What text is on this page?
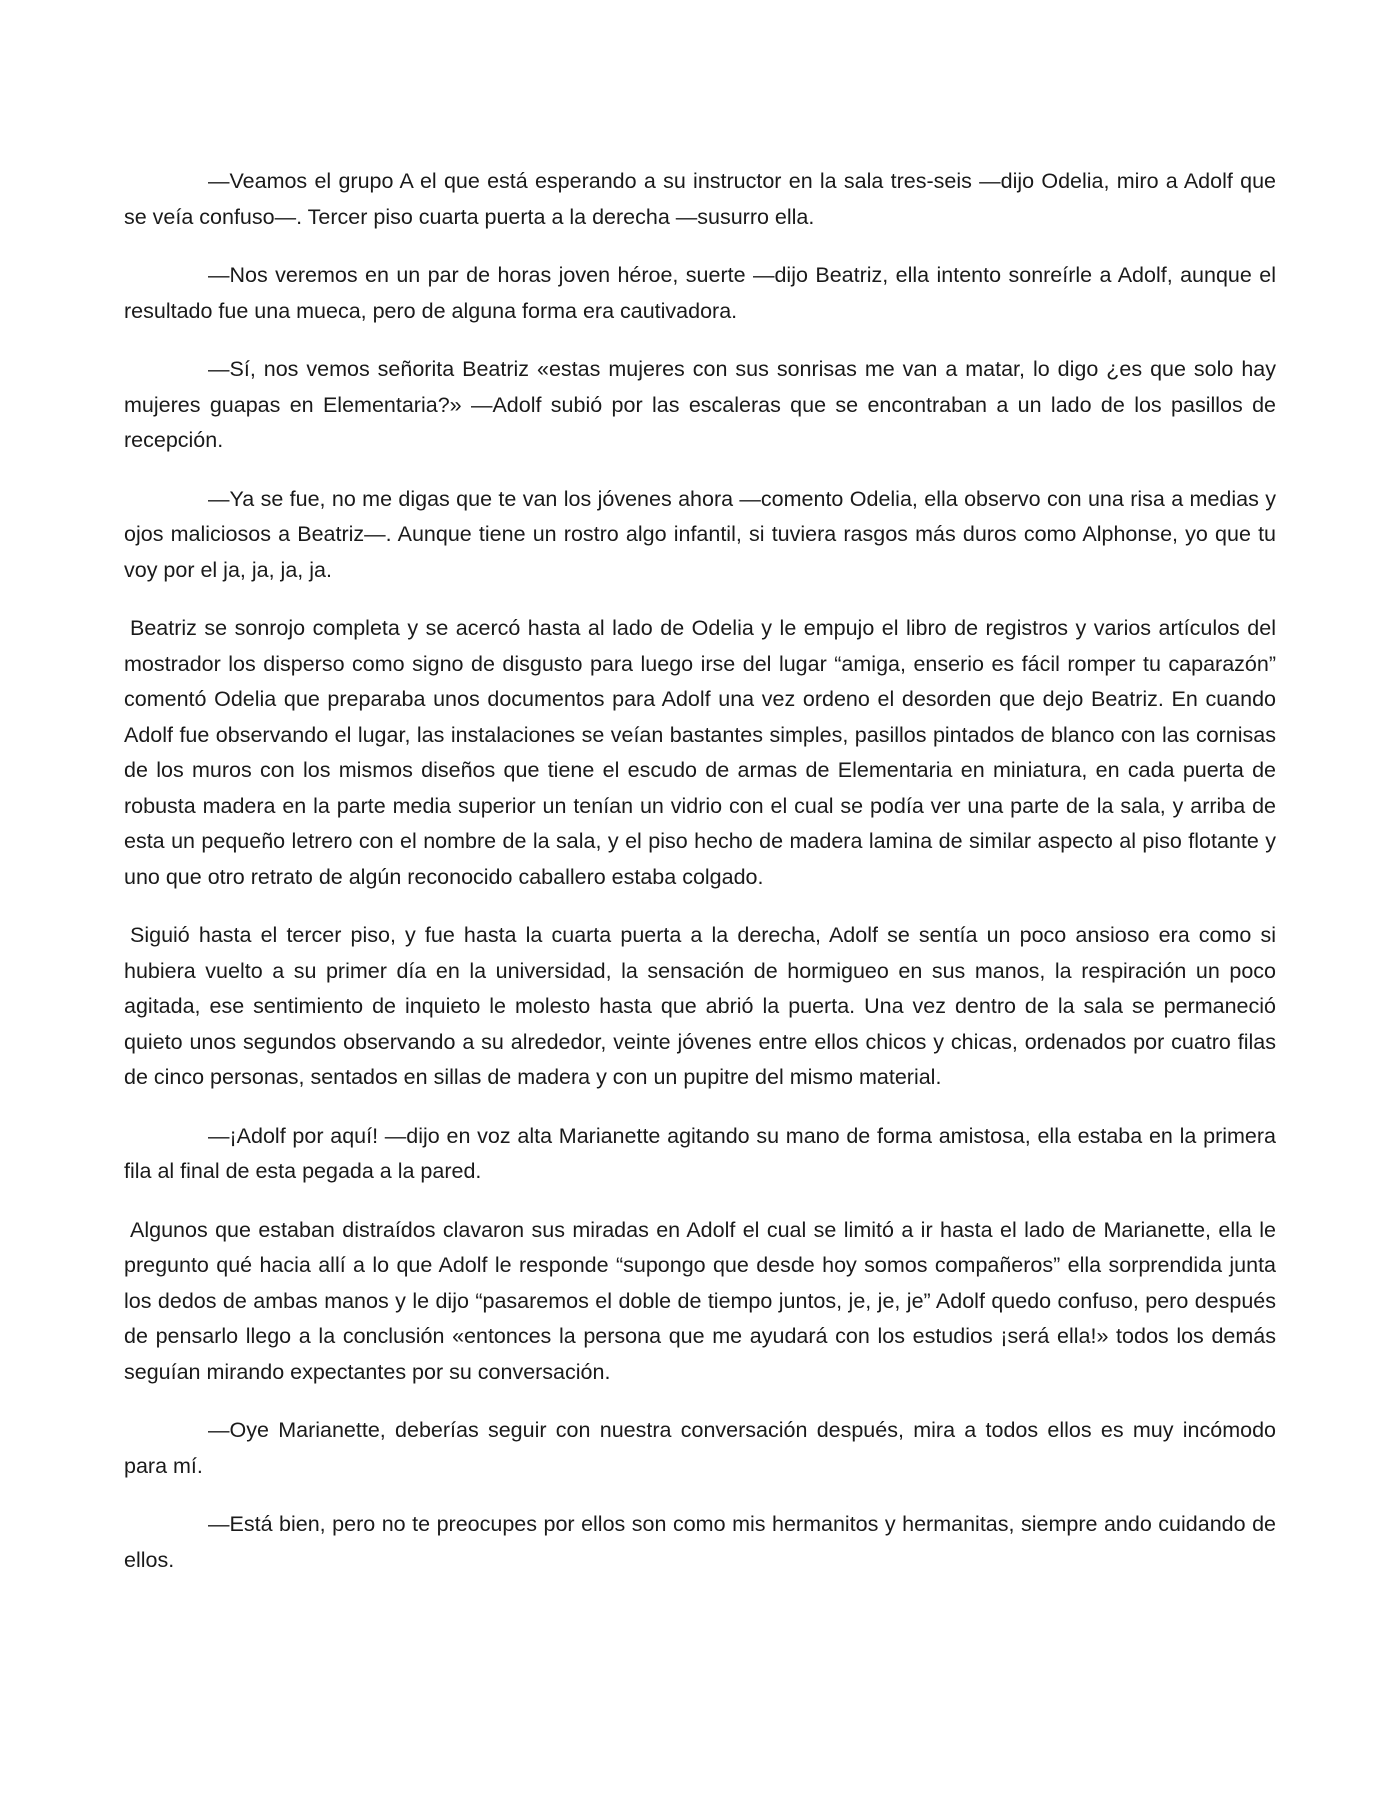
—Veamos el grupo A el que está esperando a su instructor en la sala tres-seis —dijo Odelia, miro a Adolf que se veía confuso—. Tercer piso cuarta puerta a la derecha —susurro ella.

—Nos veremos en un par de horas joven héroe, suerte —dijo Beatriz, ella intento sonreírle a Adolf, aunque el resultado fue una mueca, pero de alguna forma era cautivadora.

—Sí, nos vemos señorita Beatriz «estas mujeres con sus sonrisas me van a matar, lo digo ¿es que solo hay mujeres guapas en Elementaria?» —Adolf subió por las escaleras que se encontraban a un lado de los pasillos de recepción.

—Ya se fue, no me digas que te van los jóvenes ahora —comento Odelia, ella observo con una risa a medias y ojos maliciosos a Beatriz—. Aunque tiene un rostro algo infantil, si tuviera rasgos más duros como Alphonse, yo que tu voy por el ja, ja, ja, ja.

Beatriz se sonrojo completa y se acercó hasta al lado de Odelia y le empujo el libro de registros y varios artículos del mostrador los disperso como signo de disgusto para luego irse del lugar “amiga, enserio es fácil romper tu caparazón” comentó Odelia que preparaba unos documentos para Adolf una vez ordeno el desorden que dejo Beatriz. En cuando Adolf fue observando el lugar, las instalaciones se veían bastantes simples, pasillos pintados de blanco con las cornisas de los muros con los mismos diseños que tiene el escudo de armas de Elementaria en miniatura, en cada puerta de robusta madera en la parte media superior un tenían un vidrio con el cual se podía ver una parte de la sala, y arriba de esta un pequeño letrero con el nombre de la sala, y el piso hecho de madera lamina de similar aspecto al piso flotante y uno que otro retrato de algún reconocido caballero estaba colgado.

Siguió hasta el tercer piso, y fue hasta la cuarta puerta a la derecha, Adolf se sentía un poco ansioso era como si hubiera vuelto a su primer día en la universidad, la sensación de hormigueo en sus manos, la respiración un poco agitada, ese sentimiento de inquieto le molesto hasta que abrió la puerta. Una vez dentro de la sala se permaneció quieto unos segundos observando a su alrededor, veinte jóvenes entre ellos chicos y chicas, ordenados por cuatro filas de cinco personas, sentados en sillas de madera y con un pupitre del mismo material.

—¡Adolf por aquí! —dijo en voz alta Marianette agitando su mano de forma amistosa, ella estaba en la primera fila al final de esta pegada a la pared.

Algunos que estaban distraídos clavaron sus miradas en Adolf el cual se limitó a ir hasta el lado de Marianette, ella le pregunto qué hacia allí a lo que Adolf le responde “supongo que desde hoy somos compañeros” ella sorprendida junta los dedos de ambas manos y le dijo “pasaremos el doble de tiempo juntos, je, je, je” Adolf quedo confuso, pero después de pensarlo llego a la conclusión «entonces la persona que me ayudará con los estudios ¡será ella!» todos los demás seguían mirando expectantes por su conversación.

—Oye Marianette, deberías seguir con nuestra conversación después, mira a todos ellos es muy incómodo para mí.

—Está bien, pero no te preocupes por ellos son como mis hermanitos y hermanitas, siempre ando cuidando de ellos.
